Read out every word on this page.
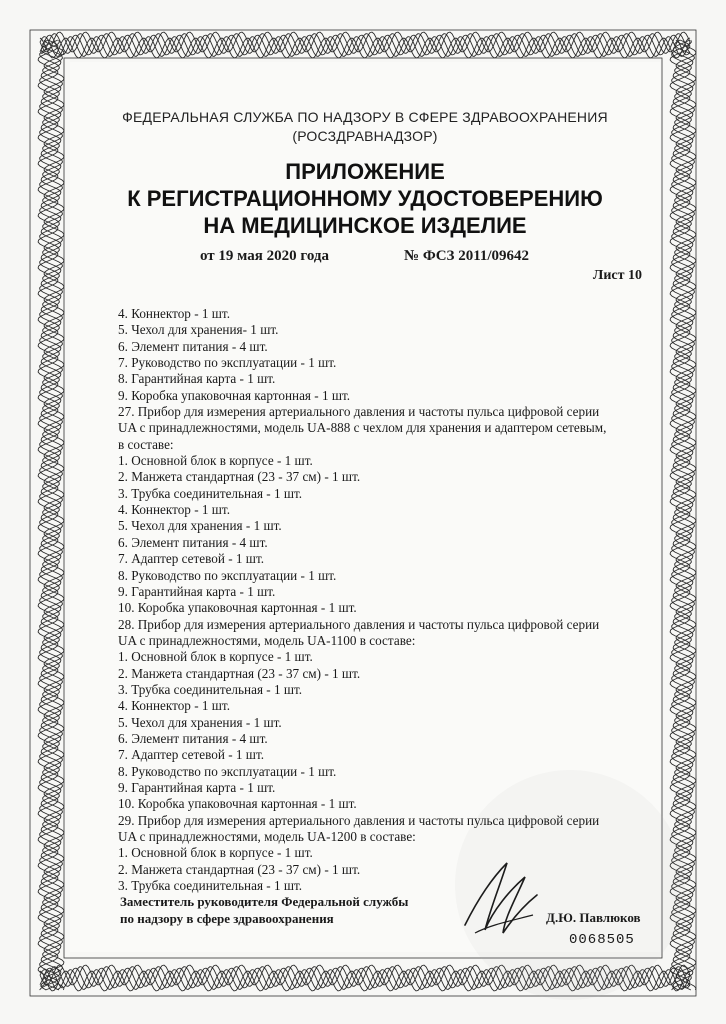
ФЕДЕРАЛЬНАЯ СЛУЖБА ПО НАДЗОРУ В СФЕРЕ ЗДРАВООХРАНЕНИЯ
(РОСЗДРАВНАДЗОР)
ПРИЛОЖЕНИЕ
К РЕГИСТРАЦИОННОМУ УДОСТОВЕРЕНИЮ
НА МЕДИЦИНСКОЕ ИЗДЕЛИЕ
от 19 мая 2020 года	№ ФСЗ 2011/09642
Лист 10
4. Коннектор - 1 шт.
5. Чехол для хранения- 1 шт.
6. Элемент питания - 4 шт.
7. Руководство по эксплуатации - 1 шт.
8. Гарантийная карта - 1 шт.
9. Коробка упаковочная картонная - 1 шт.
27. Прибор для измерения артериального давления и частоты пульса цифровой серии
UA с принадлежностями, модель UA-888 с чехлом для хранения и адаптером сетевым,
в составе:
1. Основной блок в корпусе - 1 шт.
2. Манжета стандартная (23 - 37 см) - 1 шт.
3. Трубка соединительная - 1 шт.
4. Коннектор - 1 шт.
5. Чехол для хранения - 1 шт.
6. Элемент питания - 4 шт.
7. Адаптер сетевой - 1 шт.
8. Руководство по эксплуатации - 1 шт.
9. Гарантийная карта - 1 шт.
10. Коробка упаковочная картонная - 1 шт.
28. Прибор для измерения артериального давления и частоты пульса цифровой серии
UA с принадлежностями, модель UA-1100 в составе:
1. Основной блок в корпусе - 1 шт.
2. Манжета стандартная (23 - 37 см) - 1 шт.
3. Трубка соединительная - 1 шт.
4. Коннектор - 1 шт.
5. Чехол для хранения - 1 шт.
6. Элемент питания - 4 шт.
7. Адаптер сетевой - 1 шт.
8. Руководство по эксплуатации - 1 шт.
9. Гарантийная карта - 1 шт.
10. Коробка упаковочная картонная - 1 шт.
29. Прибор для измерения артериального давления и частоты пульса цифровой серии
UA с принадлежностями, модель UA-1200 в составе:
1. Основной блок в корпусе - 1 шт.
2. Манжета стандартная (23 - 37 см) - 1 шт.
3. Трубка соединительная - 1 шт.
Заместитель руководителя Федеральной службы
по надзору в сфере здравоохранения	Д.Ю. Павлюков
0068505
